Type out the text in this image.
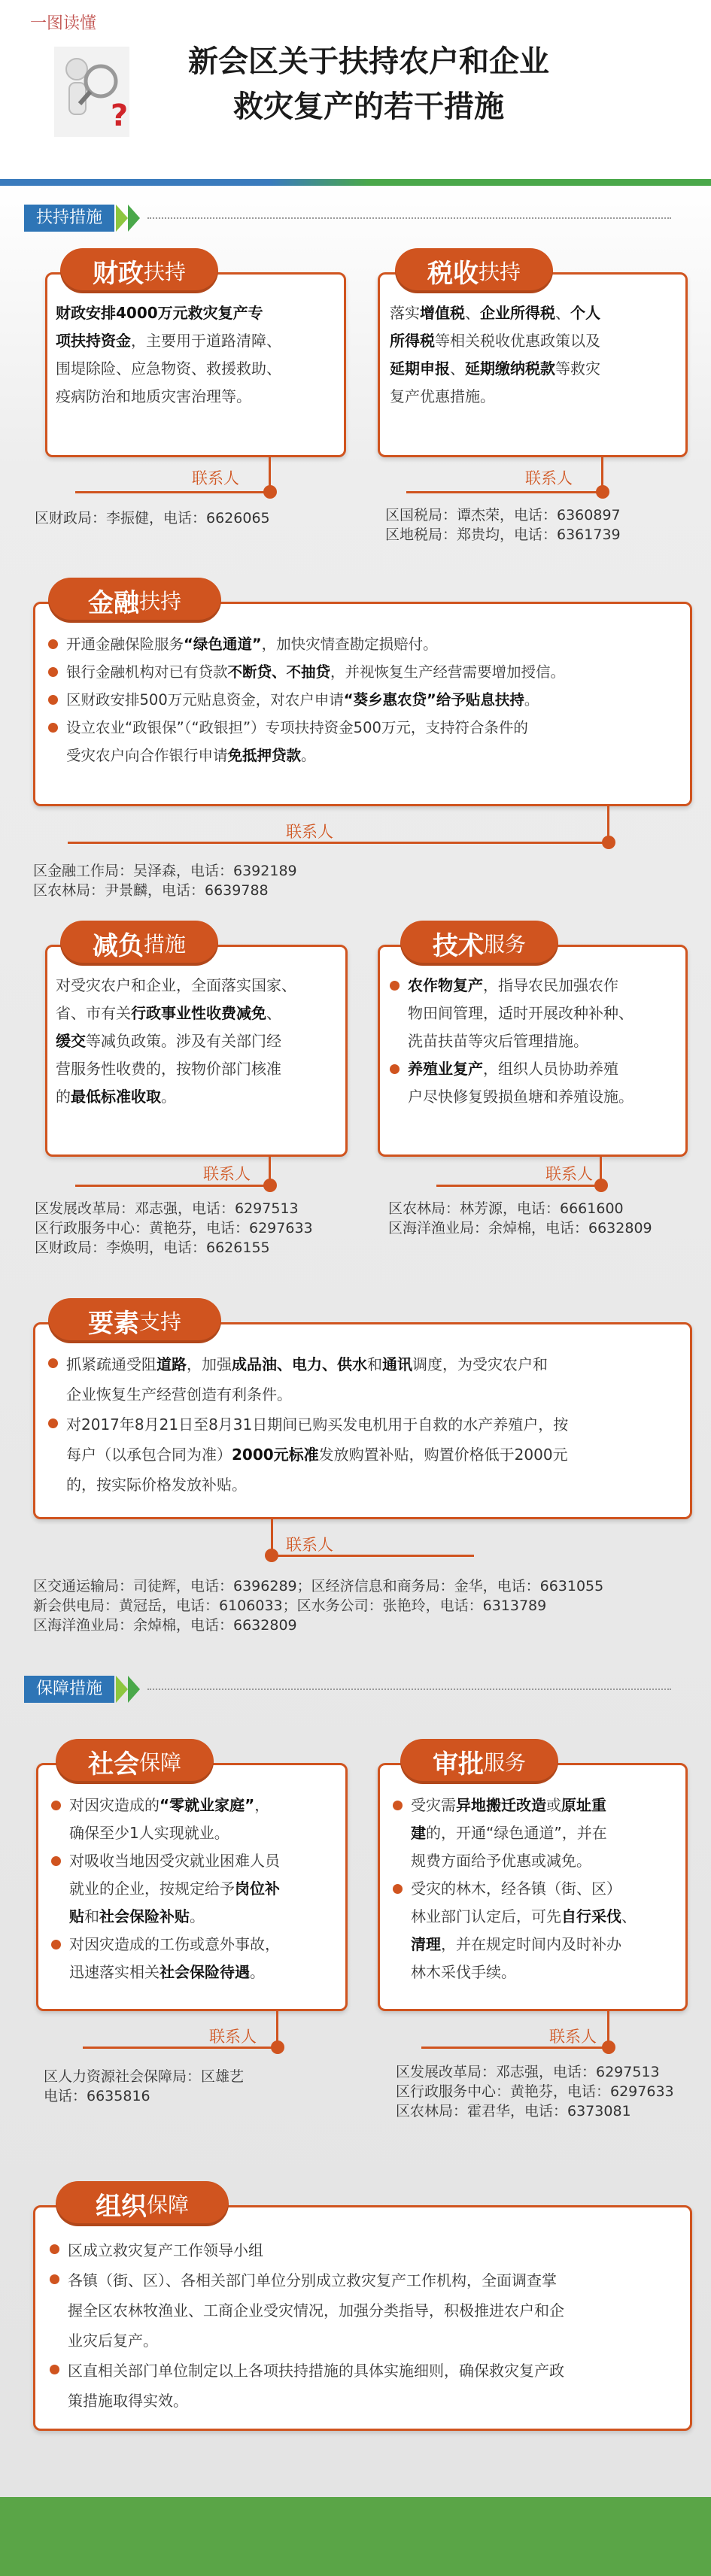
一图读懂
?
新会区关于扶持农户和企业
救灾复产的若干措施
扶持措施
财政 扶持
财政安排4000万元救灾复产专
项扶持资金，主要用于道路清障、
围堤除险、应急物资、救援救助、
疫病防治和地质灾害治理等。
联系人
区财政局：李振健，电话：6626065
税收 扶持
落实增值税、企业所得税、个人
所得税等相关税收优惠政策以及
延期申报、延期缴纳税款等救灾
复产优惠措施。
联系人
区国税局：谭杰荣，电话：6360897
区地税局：郑贵均，电话：6361739
金融 扶持
开通金融保险服务“绿色通道”，加快灾情查勘定损赔付。
银行金融机构对已有贷款不断贷、不抽贷，并视恢复生产经营需要增加授信。
区财政安排500万元贴息资金，对农户申请“葵乡惠农贷”给予贴息扶持。
设立农业“政银保”（“政银担”）专项扶持资金500万元，支持符合条件的
受灾农户向合作银行申请免抵押贷款。
联系人
区金融工作局：吴泽森，电话：6392189
区农林局：尹景麟，电话：6639788
减负 措施
对受灾农户和企业，全面落实国家、
省、市有关行政事业性收费减免、
缓交等减负政策。涉及有关部门经
营服务性收费的，按物价部门核准
的最低标准收取。
联系人
区发展改革局：邓志强，电话：6297513
区行政服务中心：黄艳芬，电话：6297633
区财政局：李焕明，电话：6626155
技术 服务
农作物复产，指导农民加强农作
物田间管理，适时开展改种补种、
洗苗扶苗等灾后管理措施。
养殖业复产，组织人员协助养殖
户尽快修复毁损鱼塘和养殖设施。
联系人
区农林局：林芳源，电话：6661600
区海洋渔业局：余焯棉，电话：6632809
要素 支持
抓紧疏通受阻道路，加强成品油、电力、供水和通讯调度，为受灾农户和
企业恢复生产经营创造有利条件。
对2017年8月21日至8月31日期间已购买发电机用于自救的水产养殖户，按
每户（以承包合同为准）2000元标准发放购置补贴，购置价格低于2000元
的，按实际价格发放补贴。
联系人
区交通运输局：司徒辉，电话：6396289；区经济信息和商务局：金华，电话：6631055
新会供电局：黄冠岳，电话：6106033；区水务公司：张艳玲，电话：6313789
区海洋渔业局：余焯棉，电话：6632809
保障措施
社会 保障
对因灾造成的“零就业家庭”，
确保至少1人实现就业。
对吸收当地因受灾就业困难人员
就业的企业，按规定给予岗位补
贴和社会保险补贴。
对因灾造成的工伤或意外事故，
迅速落实相关社会保险待遇。
联系人
区人力资源社会保障局：区雄艺
电话：6635816
审批 服务
受灾需异地搬迁改造或原址重
建的，开通“绿色通道”，并在
规费方面给予优惠或减免。
受灾的林木，经各镇（街、区）
林业部门认定后，可先自行采伐、
清理，并在规定时间内及时补办
林木采伐手续。
联系人
区发展改革局：邓志强，电话：6297513
区行政服务中心：黄艳芬，电话：6297633
区农林局：霍君华，电话：6373081
组织 保障
区成立救灾复产工作领导小组
各镇（街、区）、各相关部门单位分别成立救灾复产工作机构，全面调查掌
握全区农林牧渔业、工商企业受灾情况，加强分类指导，积极推进农户和企
业灾后复产。
区直相关部门单位制定以上各项扶持措施的具体实施细则，确保救灾复产政
策措施取得实效。
